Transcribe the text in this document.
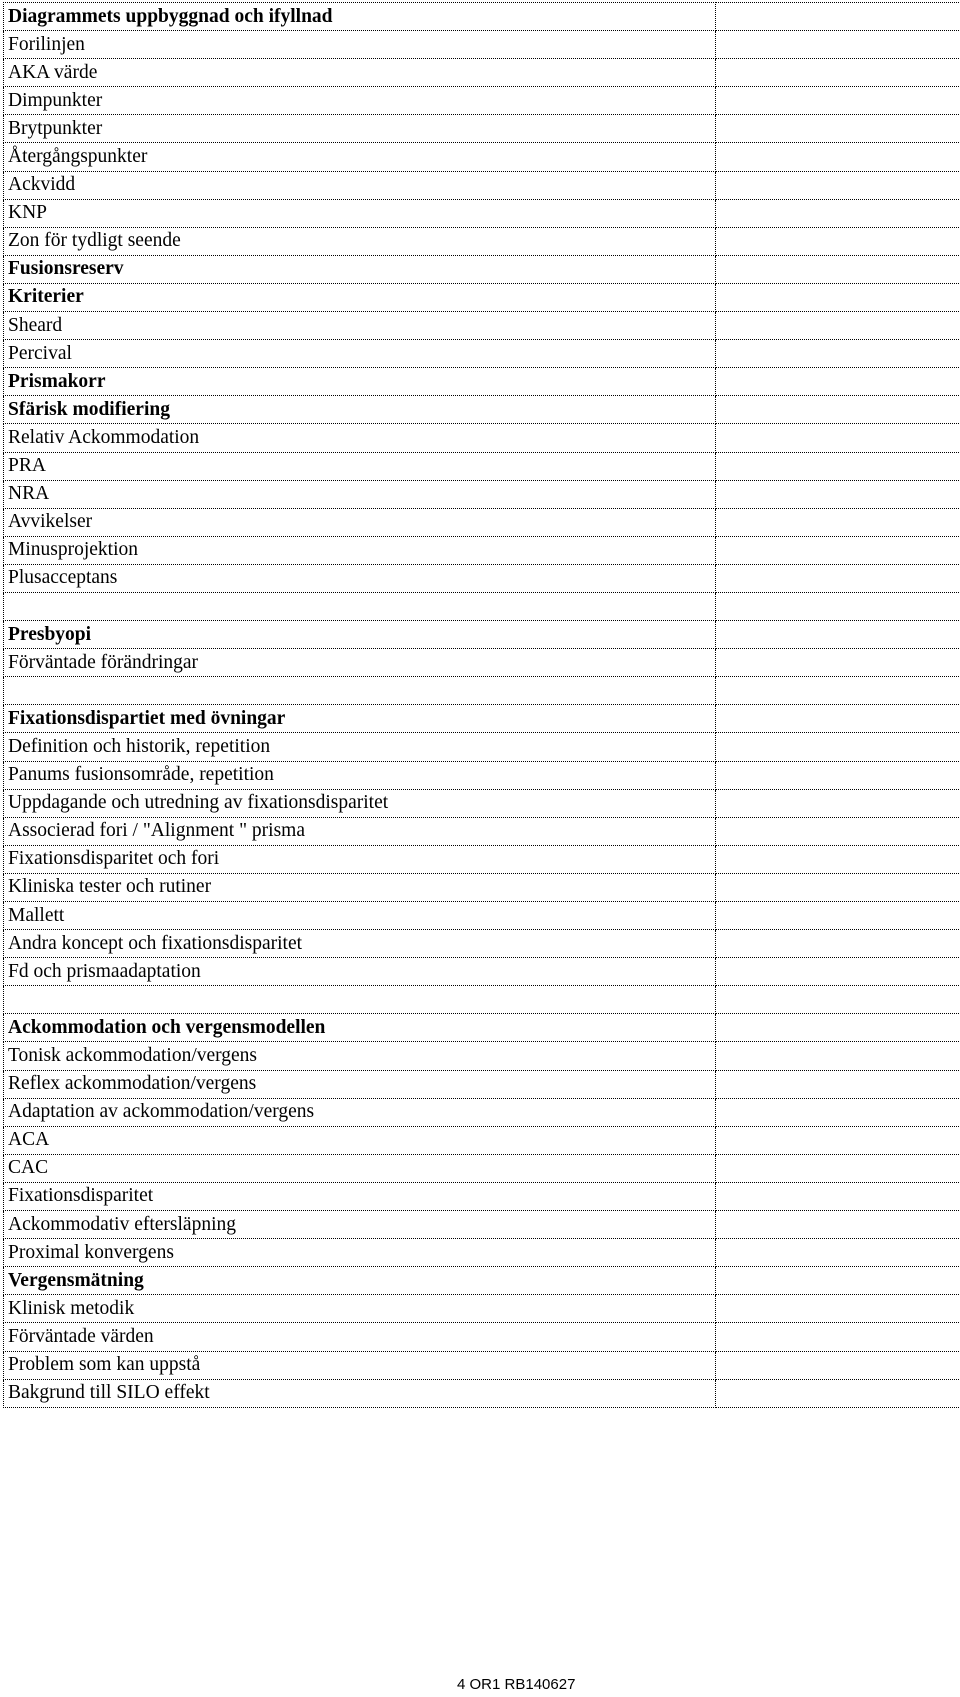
Diagrammets uppbyggnad och ifyllnad	
Forilinjen	
AKA värde	
Dimpunkter	
Brytpunkter	
Återgångspunkter	
Ackvidd	
KNP	
Zon för tydligt seende	
Fusionsreserv	
Kriterier	
Sheard	
Percival	
Prismakorr	
Sfärisk modifiering	
Relativ Ackommodation	
PRA	
NRA	
Avvikelser	
Minusprojektion	
Plusacceptans	

Presbyopi	
Förväntade förändringar	

Fixationsdispartiet med övningar	
Definition och historik, repetition	
Panums fusionsområde, repetition	
Uppdagande och utredning av fixationsdisparitet	
Associerad fori / "Alignment " prisma	
Fixationsdisparitet och fori	
Kliniska tester och rutiner	
Mallett	
Andra koncept och fixationsdisparitet	
Fd och prismaadaptation	

Ackommodation och vergensmodellen	
Tonisk ackommodation/vergens	
Reflex ackommodation/vergens	
Adaptation av ackommodation/vergens	
ACA	
CAC	
Fixationsdisparitet	
Ackommodativ eftersläpning	
Proximal konvergens	
Vergensmätning	
Klinisk metodik	
Förväntade värden	
Problem som kan uppstå	
Bakgrund till SILO effekt	
4 OR1 RB140627
